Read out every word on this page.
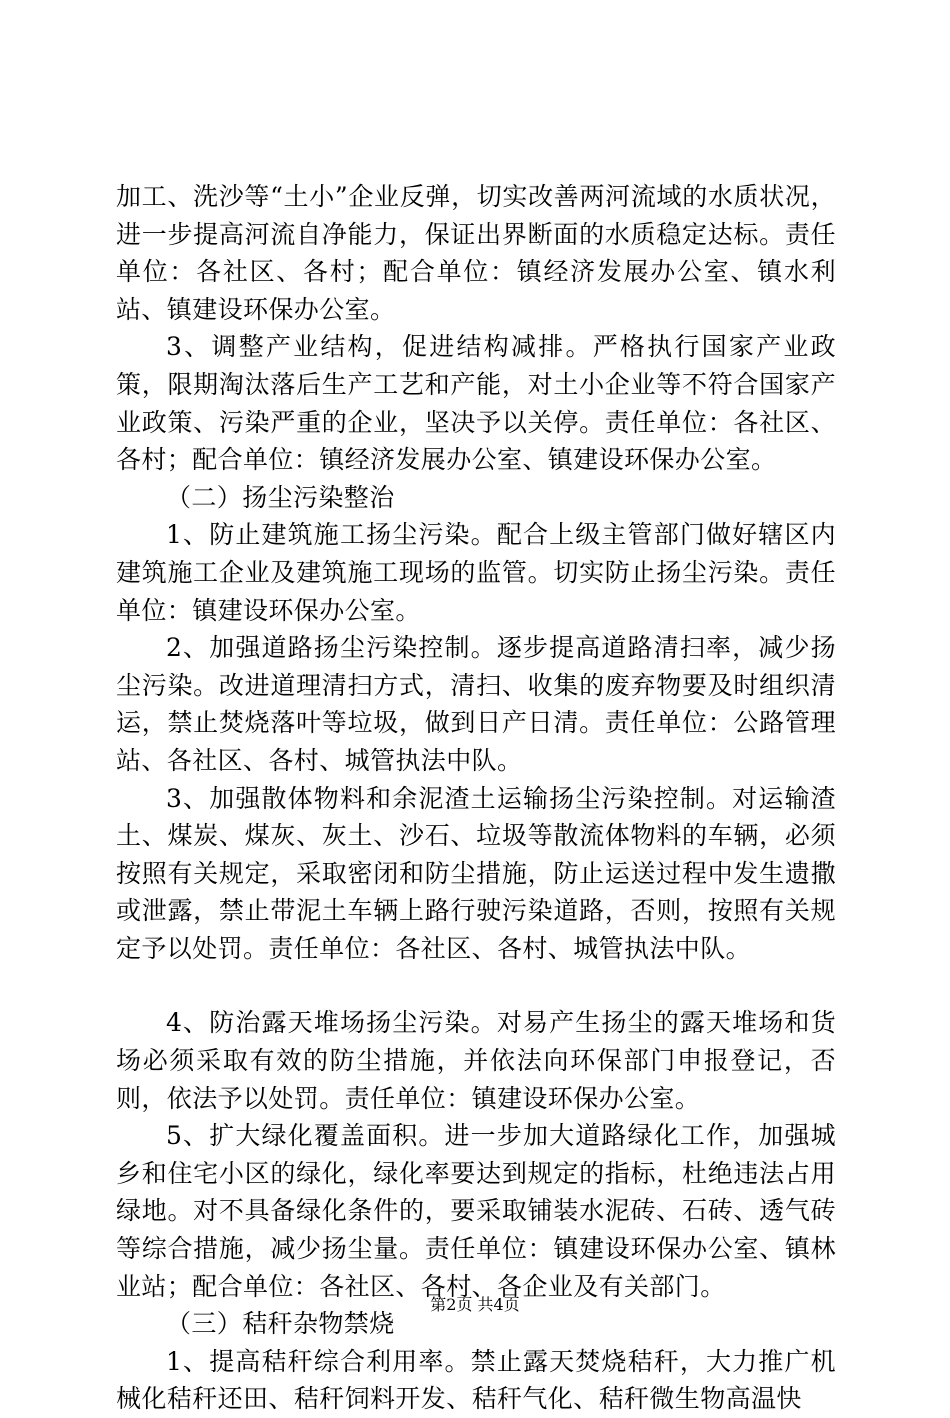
加工、洗沙等“土小”企业反弹，切实改善两河流域的水质状况，进一步提高河流自净能力，保证出界断面的水质稳定达标。责任单位：各社区、各村；配合单位：镇经济发展办公室、镇水利站、镇建设环保办公室。

3、调整产业结构，促进结构减排。严格执行国家产业政策，限期淘汰落后生产工艺和产能，对土小企业等不符合国家产业政策、污染严重的企业，坚决予以关停。责任单位：各社区、各村；配合单位：镇经济发展办公室、镇建设环保办公室。

（二）扬尘污染整治

1、防止建筑施工扬尘污染。配合上级主管部门做好辖区内建筑施工企业及建筑施工现场的监管。切实防止扬尘污染。责任单位：镇建设环保办公室。

2、加强道路扬尘污染控制。逐步提高道路清扫率，减少扬尘污染。改进道理清扫方式，清扫、收集的废弃物要及时组织清运，禁止焚烧落叶等垃圾，做到日产日清。责任单位：公路管理站、各社区、各村、城管执法中队。

3、加强散体物料和余泥渣土运输扬尘污染控制。对运输渣土、煤炭、煤灰、灰土、沙石、垃圾等散流体物料的车辆，必须按照有关规定，采取密闭和防尘措施，防止运送过程中发生遗撒或泄露，禁止带泥土车辆上路行驶污染道路，否则，按照有关规定予以处罚。责任单位：各社区、各村、城管执法中队。

4、防治露天堆场扬尘污染。对易产生扬尘的露天堆场和货场必须采取有效的防尘措施，并依法向环保部门申报登记，否则，依法予以处罚。责任单位：镇建设环保办公室。

5、扩大绿化覆盖面积。进一步加大道路绿化工作，加强城乡和住宅小区的绿化，绿化率要达到规定的指标，杜绝违法占用绿地。对不具备绿化条件的，要采取铺装水泥砖、石砖、透气砖等综合措施，减少扬尘量。责任单位：镇建设环保办公室、镇林业站；配合单位：各社区、各村、各企业及有关部门。

（三）秸秆杂物禁烧

1、提高秸秆综合利用率。禁止露天焚烧秸秆，大力推广机械化秸秆还田、秸秆饲料开发、秸秆气化、秸秆微生物高温快

第2页 共4页
